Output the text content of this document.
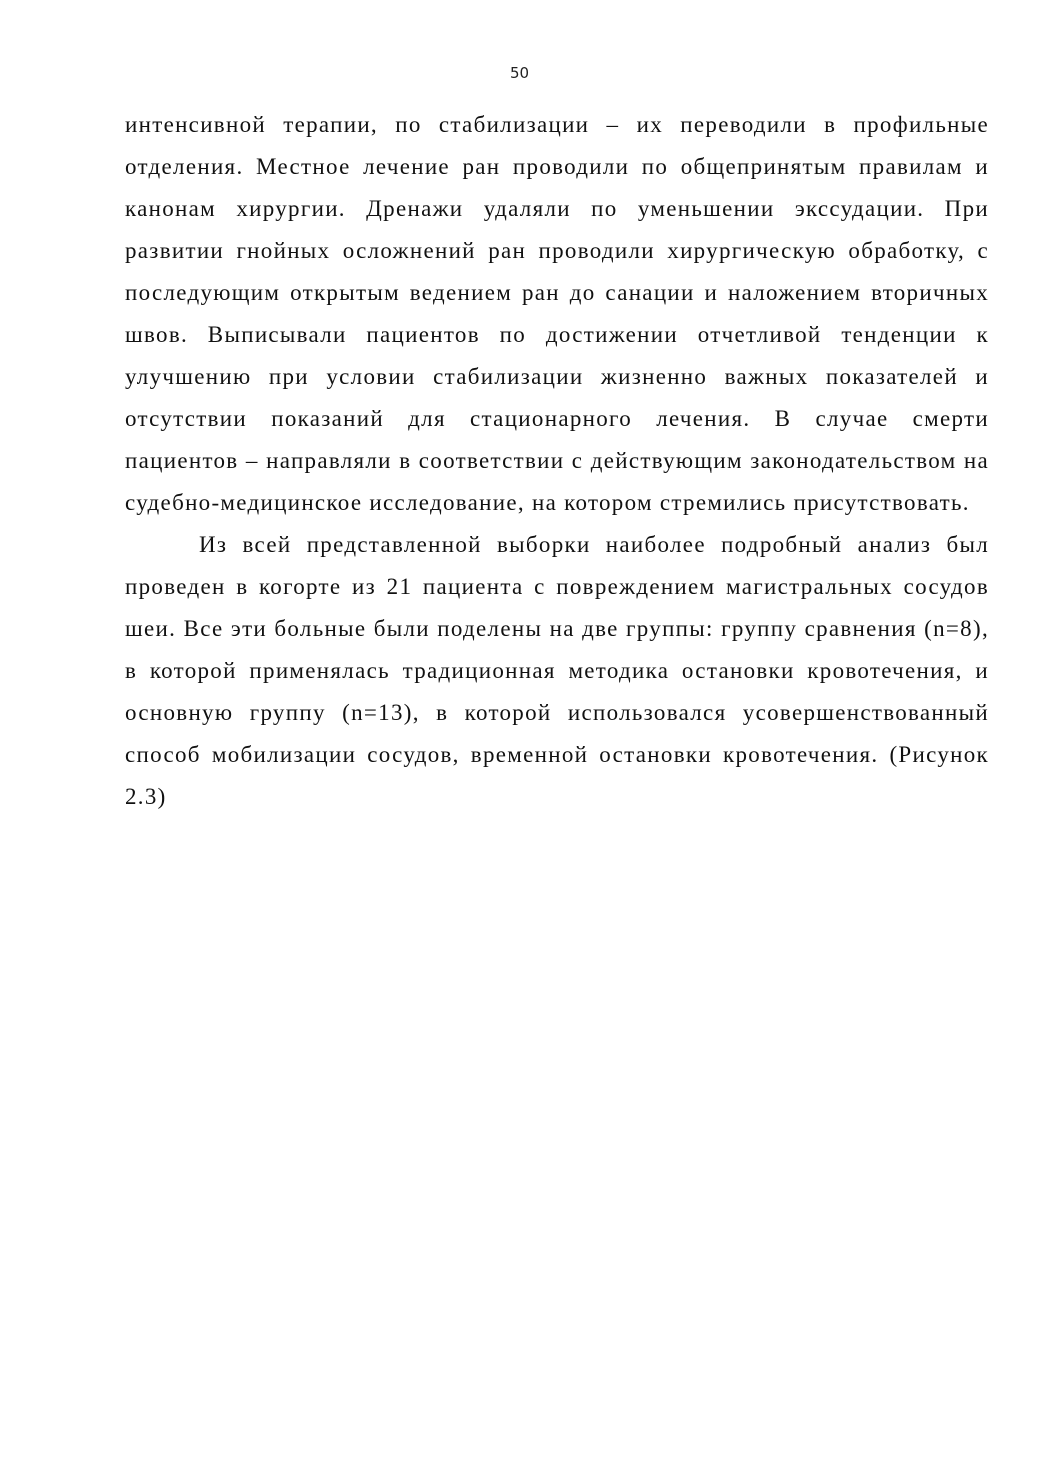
50

интенсивной терапии, по стабилизации – их переводили в профильные отделения. Местное лечение ран проводили по общепринятым правилам и канонам хирургии. Дренажи удаляли по уменьшении экссудации. При развитии гнойных осложнений ран проводили хирургическую обработку, с последующим открытым ведением ран до санации и наложением вторичных швов. Выписывали пациентов по достижении отчетливой тенденции к улучшению при условии стабилизации жизненно важных показателей и отсутствии показаний для стационарного лечения. В случае смерти пациентов – направляли в соответствии с действующим законодательством на судебно-медицинское исследование, на котором стремились присутствовать.

Из всей представленной выборки наиболее подробный анализ был проведен в когорте из 21 пациента с повреждением магистральных сосудов шеи. Все эти больные были поделены на две группы: группу сравнения (n=8), в которой применялась традиционная методика остановки кровотечения, и основную группу (n=13), в которой использовался усовершенствованный способ мобилизации сосудов, временной остановки кровотечения. (Рисунок 2.3)
